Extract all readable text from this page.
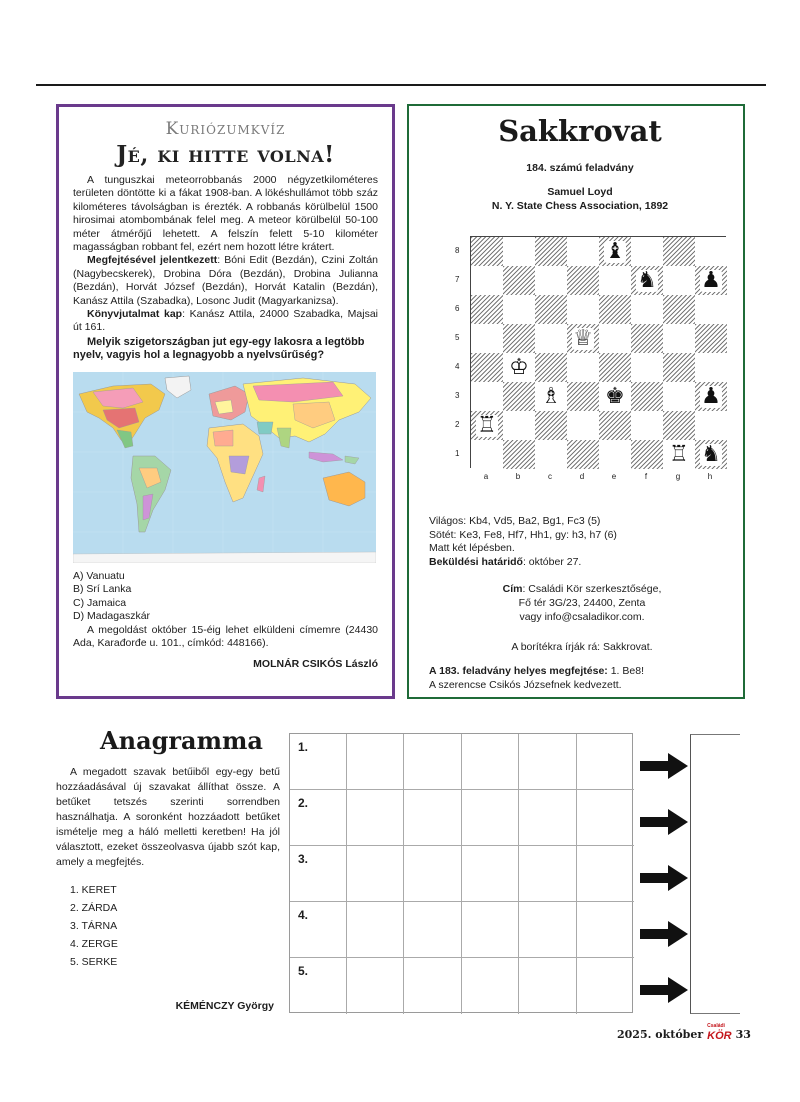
Kuriózumkvíz
Jé, ki hitte volna!

A tunguszkai meteorrobbanás 2000 négyzetkilométeres területen döntötte ki a fákat 1908-ban. A lökéshullámot több száz kilométeres távolságban is érezték. A robbanás körülbelül 1500 hirosimai atombombának felel meg. A meteor körülbelül 50-100 méter átmérőjű lehetett. A felszín felett 5-10 kilométer magasságban robbant fel, ezért nem hozott létre krátert.

Megfejtésével jelentkezett: Bóni Edit (Bezdán), Czini Zoltán (Nagybecskerek), Drobina Dóra (Bezdán), Drobina Julianna (Bezdán), Horvát József (Bezdán), Horvát Katalin (Bezdán), Kanász Attila (Szabadka), Losonc Judit (Magyarkanizsa).

Könyvjutalmat kap: Kanász Attila, 24000 Szabadka, Majsai út 161.

Melyik szigetországban jut egy-egy lakosra a legtöbb nyelv, vagyis hol a legnagyobb a nyelvsűrűség?

A) Vanuatu
B) Srí Lanka
C) Jamaica
D) Madagaszkár

A megoldást október 15-éig lehet elküldeni címemre (24430 Ada, Karađorđe u. 101., címkód: 448166).

MOLNÁR CSIKÓS László

Sakkrovat
184. számú feladvány
Samuel Loyd
N. Y. State Chess Association, 1892
8
7
6
5
4
3
2
1
♝
♞ ♟
♕
♔
♗ ♚	♟
♖
♖ ♞
a	b	c	d	e	f	g	h
Világos: Kb4, Vd5, Ba2, Bg1, Fc3 (5)
Sötét: Ke3, Fe8, Hf7, Hh1, gy: h3, h7 (6)
Matt két lépésben.
Beküldési határidő: október 27.
Cím: Családi Kör szerkesztősége,
Fő tér 3G/23, 24400, Zenta
vagy info@csaladikor.com.
A borítékra írják rá: Sakkrovat.
A 183. feladvány helyes megfejtése: 1. Be8!
A szerencse Csikós Józsefnek kedvezett.
Anagramma

A megadott szavak betűiből egy-egy betű hozzáadásával új szavakat állíthat össze. A betűket tetszés szerinti sorrendben használhatja. A soronként hozzáadott betűket ismételje meg a háló melletti keretben! Ha jól választott, ezeket összeolvasva újabb szót kap, amely a megfejtés.

1. KERET
2. ZÁRDA
3. TÁRNA
4. ZERGE
5. SERKE
KÉMÉNCZY György
1.
2.
3.
4.
5.
2025. október
Családi
KÖR 33
